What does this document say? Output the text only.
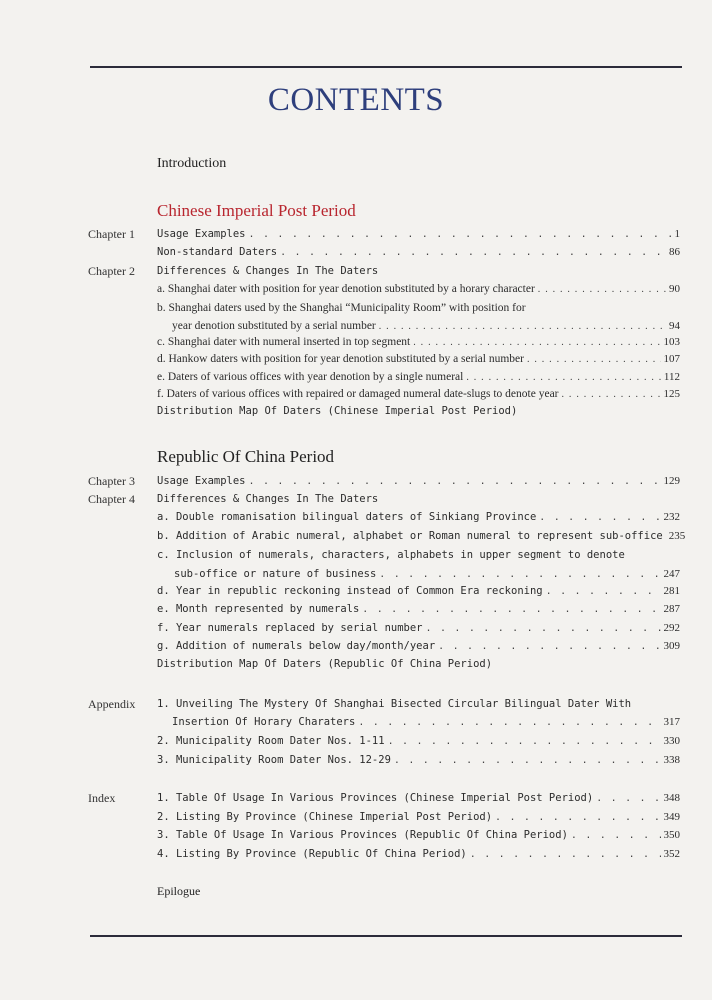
CONTENTS
Introduction
Chinese Imperial Post Period
Chapter 1 Usage Examples . . .	1
Non-standard Daters . . .	86
Chapter 2 Differences & Changes In The Daters
a. Shanghai dater with position for year denotion substituted by a horary character . . .	90
b. Shanghai daters used by the Shanghai “Municipality Room” with position for
year denotion substituted by a serial number . . .	94
c. Shanghai dater with numeral inserted in top segment . . .	103
d. Hankow daters with position for year denotion substituted by a serial number . . .	107
e. Daters of various offices with year denotion by a single numeral . . .	112
f. Daters of various offices with repaired or damaged numeral date-slugs to denote year . . .	125
Distribution Map Of Daters (Chinese Imperial Post Period)
Republic Of China Period
Chapter 3 Usage Examples . . .	129
Chapter 4 Differences & Changes In The Daters
a. Double romanisation bilingual daters of Sinkiang Province . . .	232
b. Addition of Arabic numeral, alphabet or Roman numeral to represent sub-office 235
c. Inclusion of numerals, characters, alphabets in upper segment to denote
sub-office or nature of business . . .	247
d. Year in republic reckoning instead of Common Era reckoning . . .	281
e. Month represented by numerals . . .	287
f. Year numerals replaced by serial number . . .	292
g. Addition of numerals below day/month/year . . .	309
Distribution Map Of Daters (Republic Of China Period)
Appendix 1. Unveiling The Mystery Of Shanghai Bisected Circular Bilingual Dater With
Insertion Of Horary Charaters . . .	317
2. Municipality Room Dater Nos. 1-11 . . .	330
3. Municipality Room Dater Nos. 12-29 . . .	338
Index	1. Table Of Usage In Various Provinces (Chinese Imperial Post Period) . . .	348
2. Listing By Province (Chinese Imperial Post Period) . . .	349
3. Table Of Usage In Various Provinces (Republic Of China Period) . . .	350
4. Listing By Province (Republic Of China Period) . . .	352
Epilogue
